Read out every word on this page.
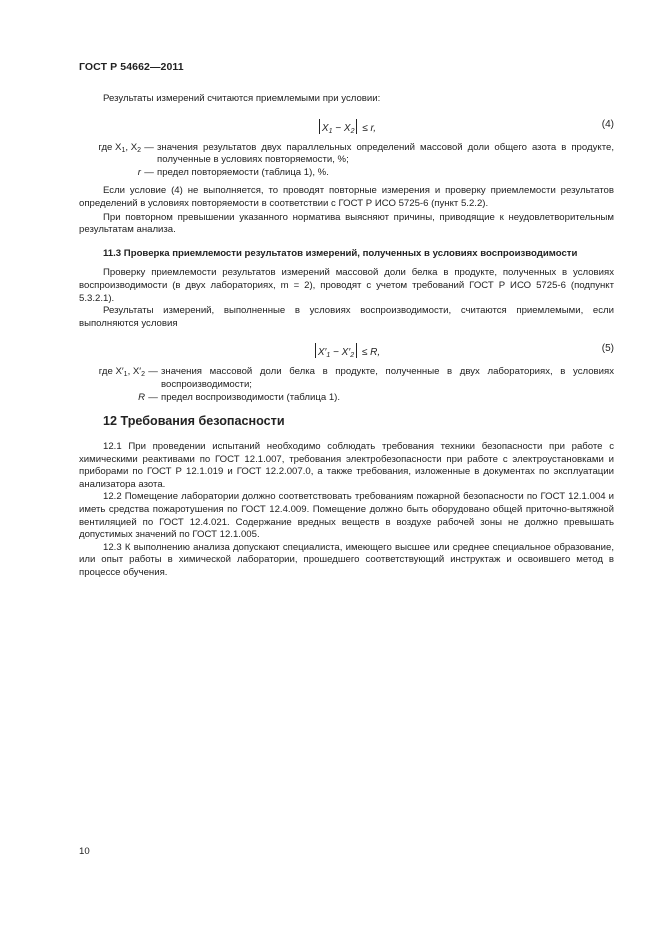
ГОСТ Р 54662—2011

Результаты измерений считаются приемлемыми при условии:

$X_1 - X_2 \le r$,	(4)
где $X_1$, $X_2$ — значения результатов двух параллельных определений массовой доли общего азота в продукте, полученные в условиях повторяемости, %;
r — предел повторяемости (таблица 1), %.

Если условие (4) не выполняется, то проводят повторные измерения и проверку приемлемости результатов определений в условиях повторяемости в соответствии с ГОСТ Р ИСО 5725-6 (пункт 5.2.2).

При повторном превышении указанного норматива выясняют причины, приводящие к неудовлетворительным результатам анализа.

11.3 Проверка приемлемости результатов измерений, полученных в условиях воспроизводимости

Проверку приемлемости результатов измерений массовой доли белка в продукте, полученных в условиях воспроизводимости (в двух лабораториях, m = 2), проводят с учетом требований ГОСТ Р ИСО 5725-6 (подпункт 5.3.2.1).

Результаты измерений, выполненные в условиях воспроизводимости, считаются приемлемыми, если выполняются условия

$X'_1 - X'_2 \le R$,	(5)
где $X'_1$, $X'_2$ — значения массовой доли белка в продукте, полученные в двух лабораториях, в условиях воспроизводимости;
R — предел воспроизводимости (таблица 1).
12 Требования безопасности

12.1 При проведении испытаний необходимо соблюдать требования техники безопасности при работе с химическими реактивами по ГОСТ 12.1.007, требования электробезопасности при работе с электроустановками и приборами по ГОСТ Р 12.1.019 и ГОСТ 12.2.007.0, а также требования, изложенные в документах по эксплуатации анализатора азота.

12.2 Помещение лаборатории должно соответствовать требованиям пожарной безопасности по ГОСТ 12.1.004 и иметь средства пожаротушения по ГОСТ 12.4.009. Помещение должно быть оборудовано общей приточно-вытяжной вентиляцией по ГОСТ 12.4.021. Содержание вредных веществ в воздухе рабочей зоны не должно превышать допустимых значений по ГОСТ 12.1.005.

12.3 К выполнению анализа допускают специалиста, имеющего высшее или среднее специальное образование, или опыт работы в химической лаборатории, прошедшего соответствующий инструктаж и освоившего метод в процессе обучения.

10
